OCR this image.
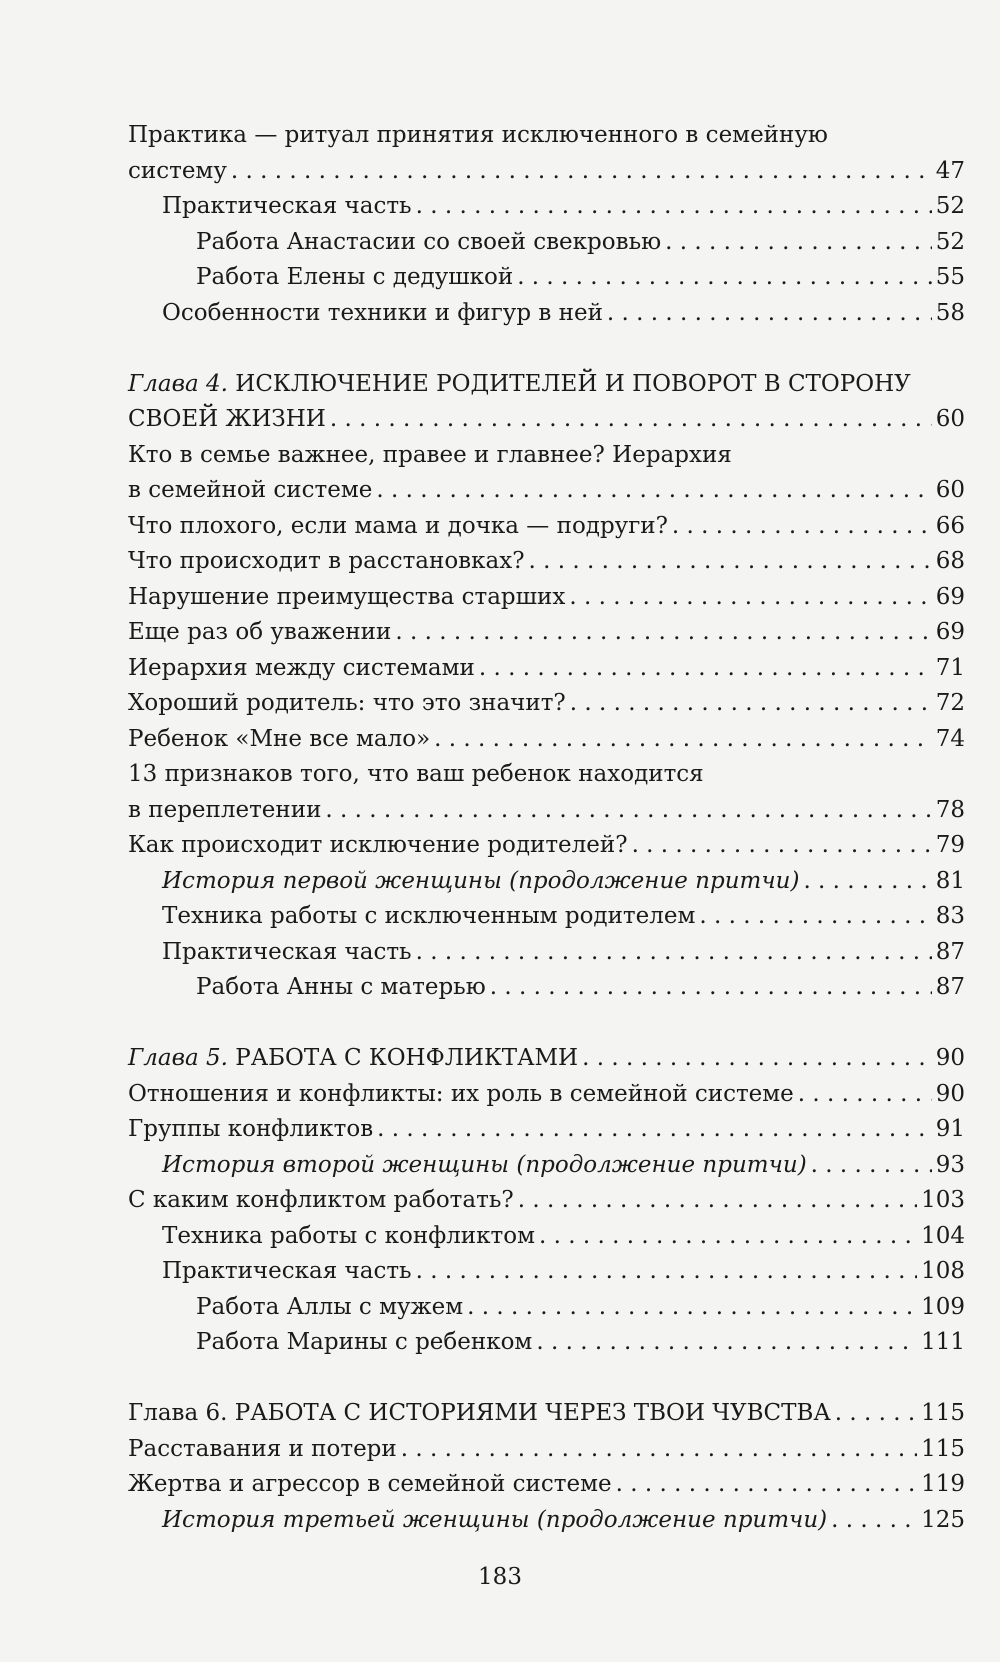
Практика — ритуал принятия исключенного в семейную
систему . . .	47
Практическая часть . . .	52
Работа Анастасии со своей свекровью . . .	52
Работа Елены с дедушкой . . .	55
Особенности техники и фигур в ней . . .	58
Глава 4. ИСКЛЮЧЕНИЕ РОДИТЕЛЕЙ И ПОВОРОТ В СТОРОНУ
СВОЕЙ ЖИЗНИ . . .	60
Кто в семье важнее, правее и главнее? Иерархия
в семейной системе . . .	60
Что плохого, если мама и дочка — подруги? . . .	66
Что происходит в расстановках? . . .	68
Нарушение преимущества старших . . .	69
Еще раз об уважении . . .	69
Иерархия между системами . . .	71
Хороший родитель: что это значит? . . .	72
Ребенок «Мне все мало» . . .	74
13 признаков того, что ваш ребенок находится
в переплетении . . .	78
Как происходит исключение родителей? . . .	79
История первой женщины (продолжение притчи) . . .	81
Техника работы с исключенным родителем . . .	83
Практическая часть . . .	87
Работа Анны с матерью . . .	87
Глава 5. РАБОТА С КОНФЛИКТАМИ . . .	90
Отношения и конфликты: их роль в семейной системе . . .	90
Группы конфликтов . . .	91
История второй женщины (продолжение притчи) . . .	93
С каким конфликтом работать? . . .	103
Техника работы с конфликтом . . .	104
Практическая часть . . .	108
Работа Аллы с мужем . . .	109
Работа Марины с ребенком . . .	111
Глава 6. РАБОТА С ИСТОРИЯМИ ЧЕРЕЗ ТВОИ ЧУВСТВА . . .	115
Расставания и потери . . .	115
Жертва и агрессор в семейной системе . . .	119
История третьей женщины (продолжение притчи) . . .	125
183
